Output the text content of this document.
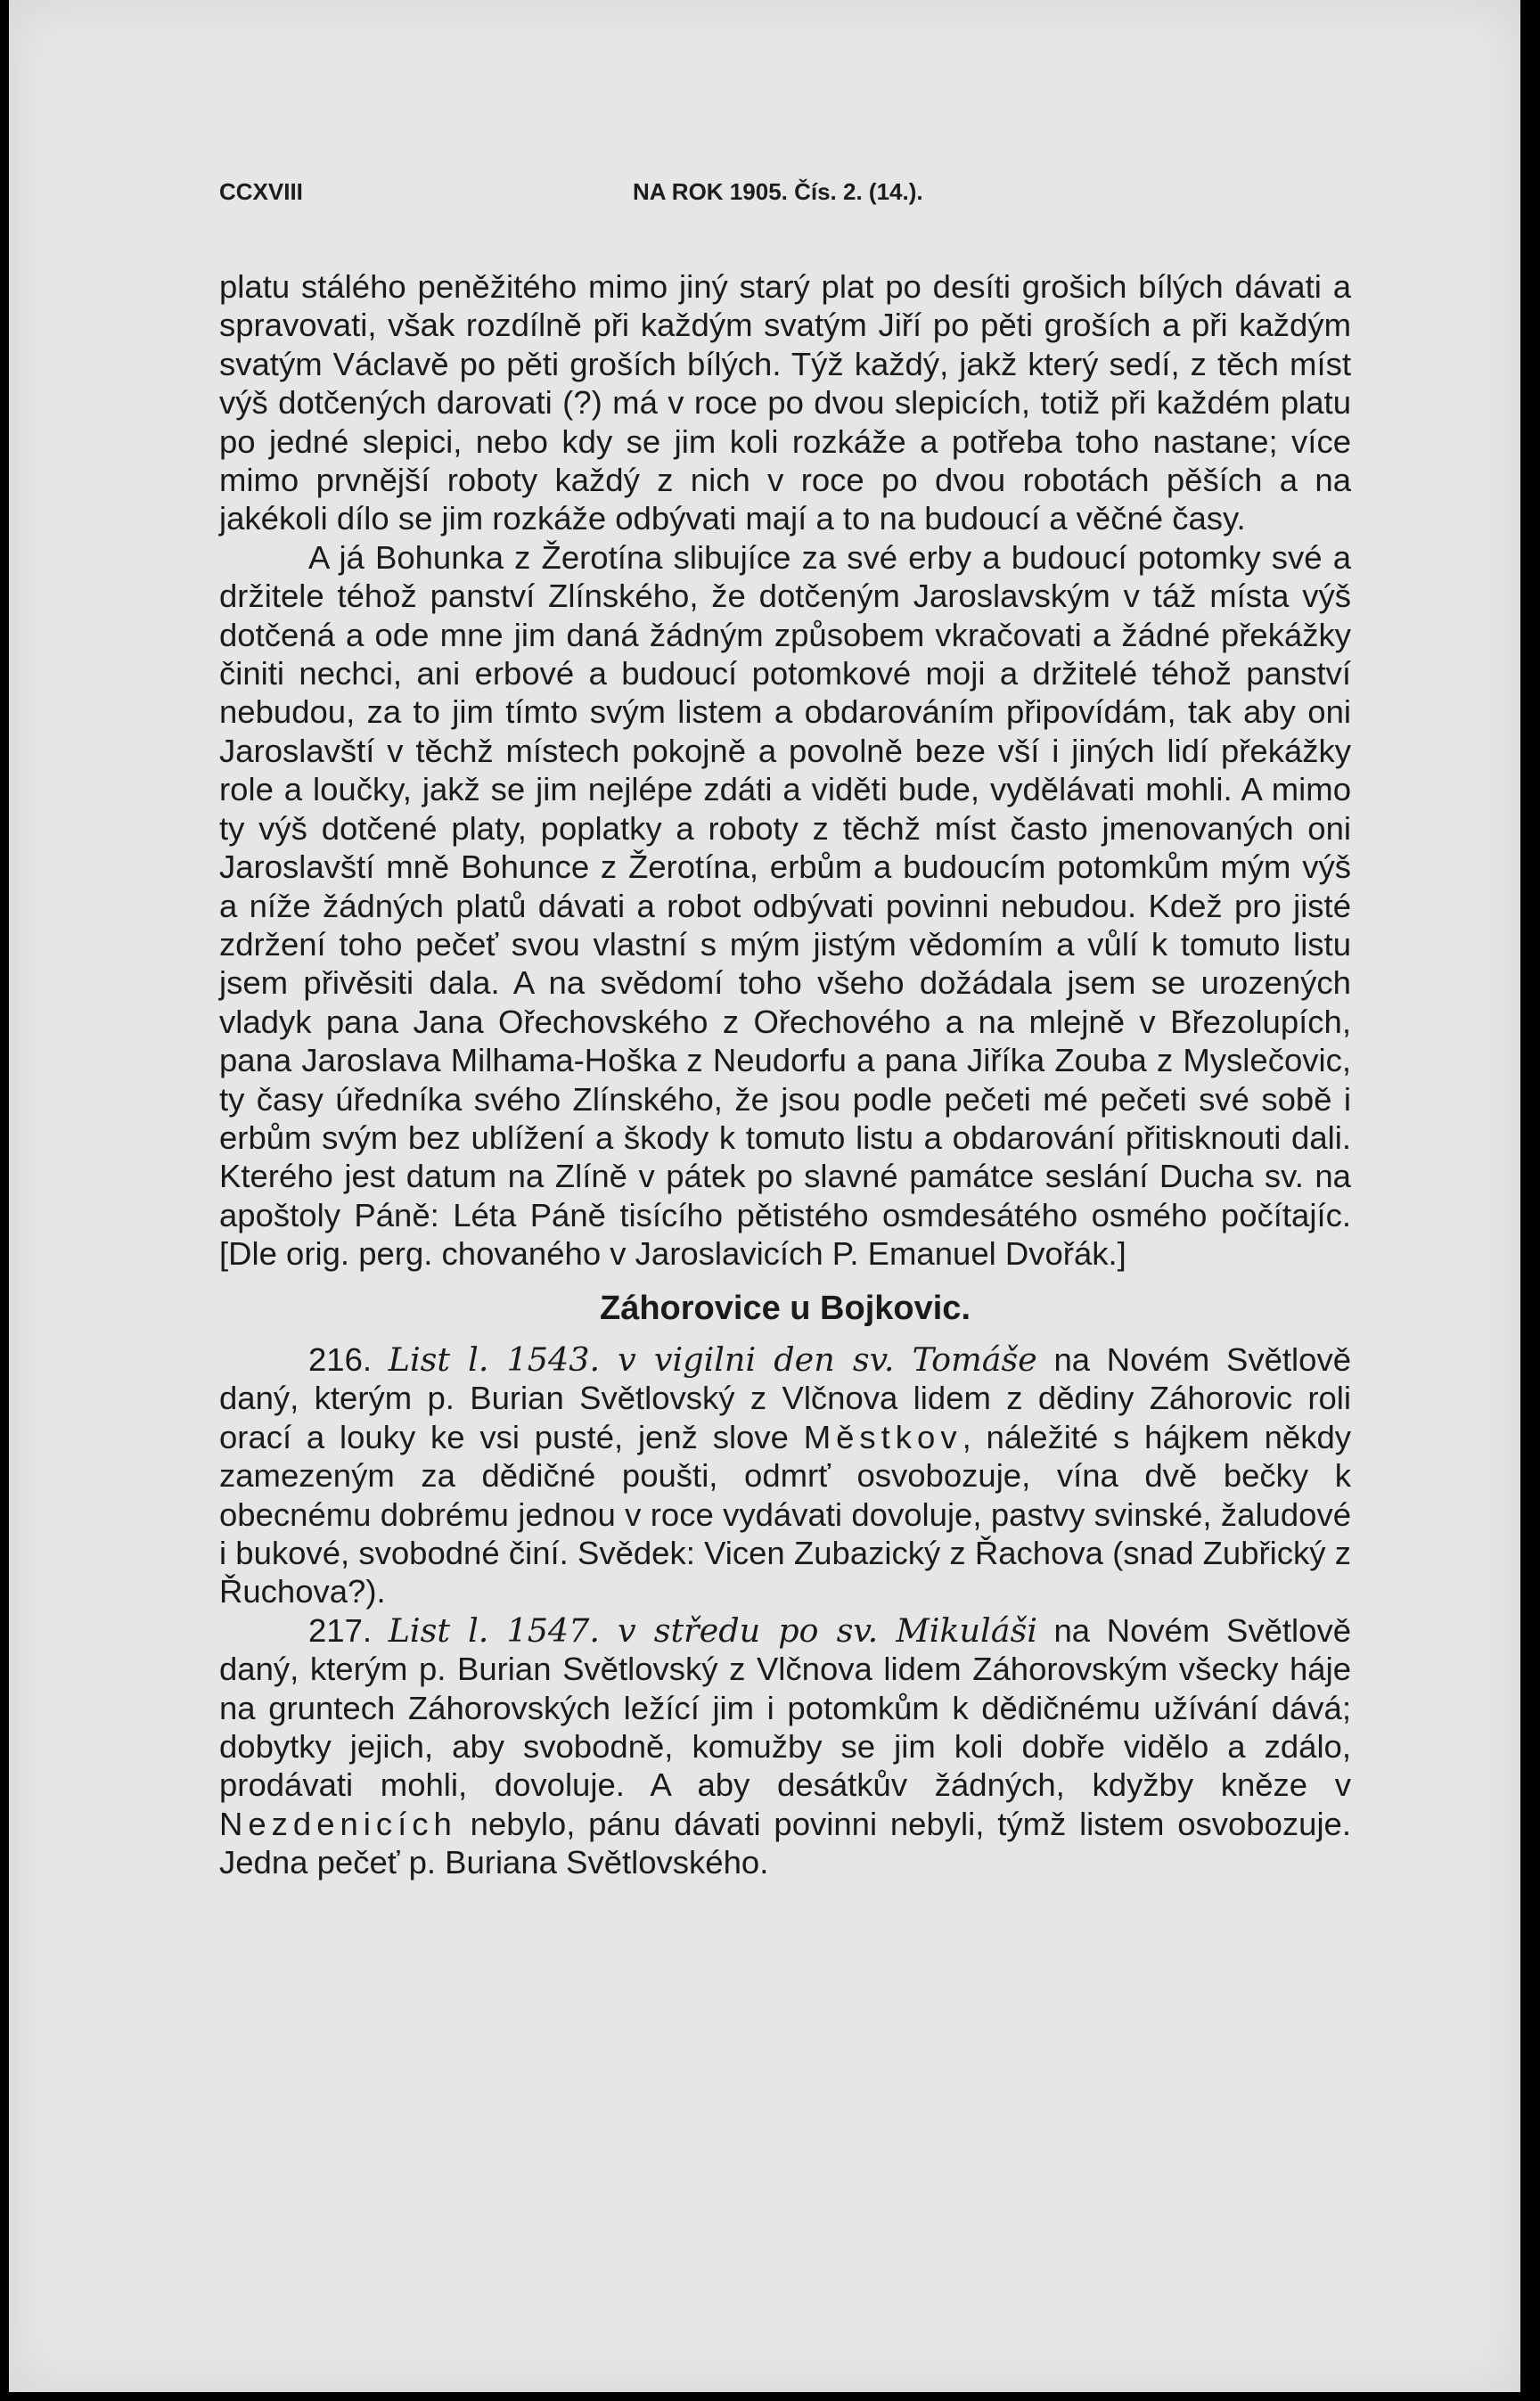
CCXVIII	NA ROK 1905. Čís. 2. (14.).

platu stálého peněžitého mimo jiný starý plat po desíti grošich bílých dávati a spravovati, však rozdílně při každým svatým Jiří po pěti groších a při každým svatým Václavě po pěti groších bílých. Týž každý, jakž který sedí, z těch míst výš dotčených darovati (?) má v roce po dvou slepicích, totiž při každém platu po jedné slepici, nebo kdy se jim koli rozkáže a potřeba toho nastane; více mimo prvnější roboty každý z nich v roce po dvou robotách pěších a na jakékoli dílo se jim rozkáže odbývati mají a to na budoucí a věčné časy.

A já Bohunka z Žerotína slibujíce za své erby a budoucí potomky své a držitele téhož panství Zlínského, že dotčeným Jaroslavským v táž místa výš dotčená a ode mne jim daná žádným způsobem vkračovati a žádné překážky činiti nechci, ani erbové a budoucí potomkové moji a držitelé téhož panství nebudou, za to jim tímto svým listem a obdarováním připovídám, tak aby oni Jaroslavští v těchž místech pokojně a povolně beze vší i jiných lidí překážky role a loučky, jakž se jim nejlépe zdáti a viděti bude, vydělávati mohli. A mimo ty výš dotčené platy, poplatky a roboty z těchž míst často jmenovaných oni Jaroslavští mně Bohunce z Žerotína, erbům a budoucím potomkům mým výš a níže žádných platů dávati a robot odbývati povinni nebudou. Kdež pro jisté zdržení toho pečeť svou vlastní s mým jistým vědomím a vůlí k tomuto listu jsem přivěsiti dala. A na svědomí toho všeho dožádala jsem se urozených vladyk pana Jana Ořechovského z Ořechového a na mlejně v Březolupích, pana Jaroslava Milhama-Hoška z Neudorfu a pana Jiříka Zouba z Myslečovic, ty časy úředníka svého Zlínského, že jsou podle pečeti mé pečeti své sobě i erbům svým bez ublížení a škody k tomuto listu a obdarování přitisknouti dali. Kterého jest datum na Zlíně v pátek po slavné památce seslání Ducha sv. na apoštoly Páně: Léta Páně tisícího pětistého osmdesátého osmého počítajíc. [Dle orig. perg. chovaného v Jaroslavicích P. Emanuel Dvořák.]

Záhorovice u Bojkovic.

216. List l. 1543. v vigilni den sv. Tomáše na Novém Světlově daný, kterým p. Burian Světlovský z Vlčnova lidem z dědiny Záhorovic roli orací a louky ke vsi pusté, jenž slove Městkov, náležité s hájkem někdy zamezeným za dědičné poušti, odmrť osvobozuje, vína dvě bečky k obecnému dobrému jednou v roce vydávati dovoluje, pastvy svinské, žaludové i bukové, svobodné činí. Svědek: Vicen Zubazický z Řachova (snad Zubřický z Řuchova?).

217. List l. 1547. v středu po sv. Mikuláši na Novém Světlově daný, kterým p. Burian Světlovský z Vlčnova lidem Záhorovským všecky háje na gruntech Záhorovských ležící jim i potomkům k dědičnému užívání dává; dobytky jejich, aby svobodně, komužby se jim koli dobře vidělo a zdálo, prodávati mohli, dovoluje. A aby desátkův žádných, kdyžby kněze v Nezdenicích nebylo, pánu dávati povinni nebyli, týmž listem osvobozuje. Jedna pečeť p. Buriana Světlovského.
